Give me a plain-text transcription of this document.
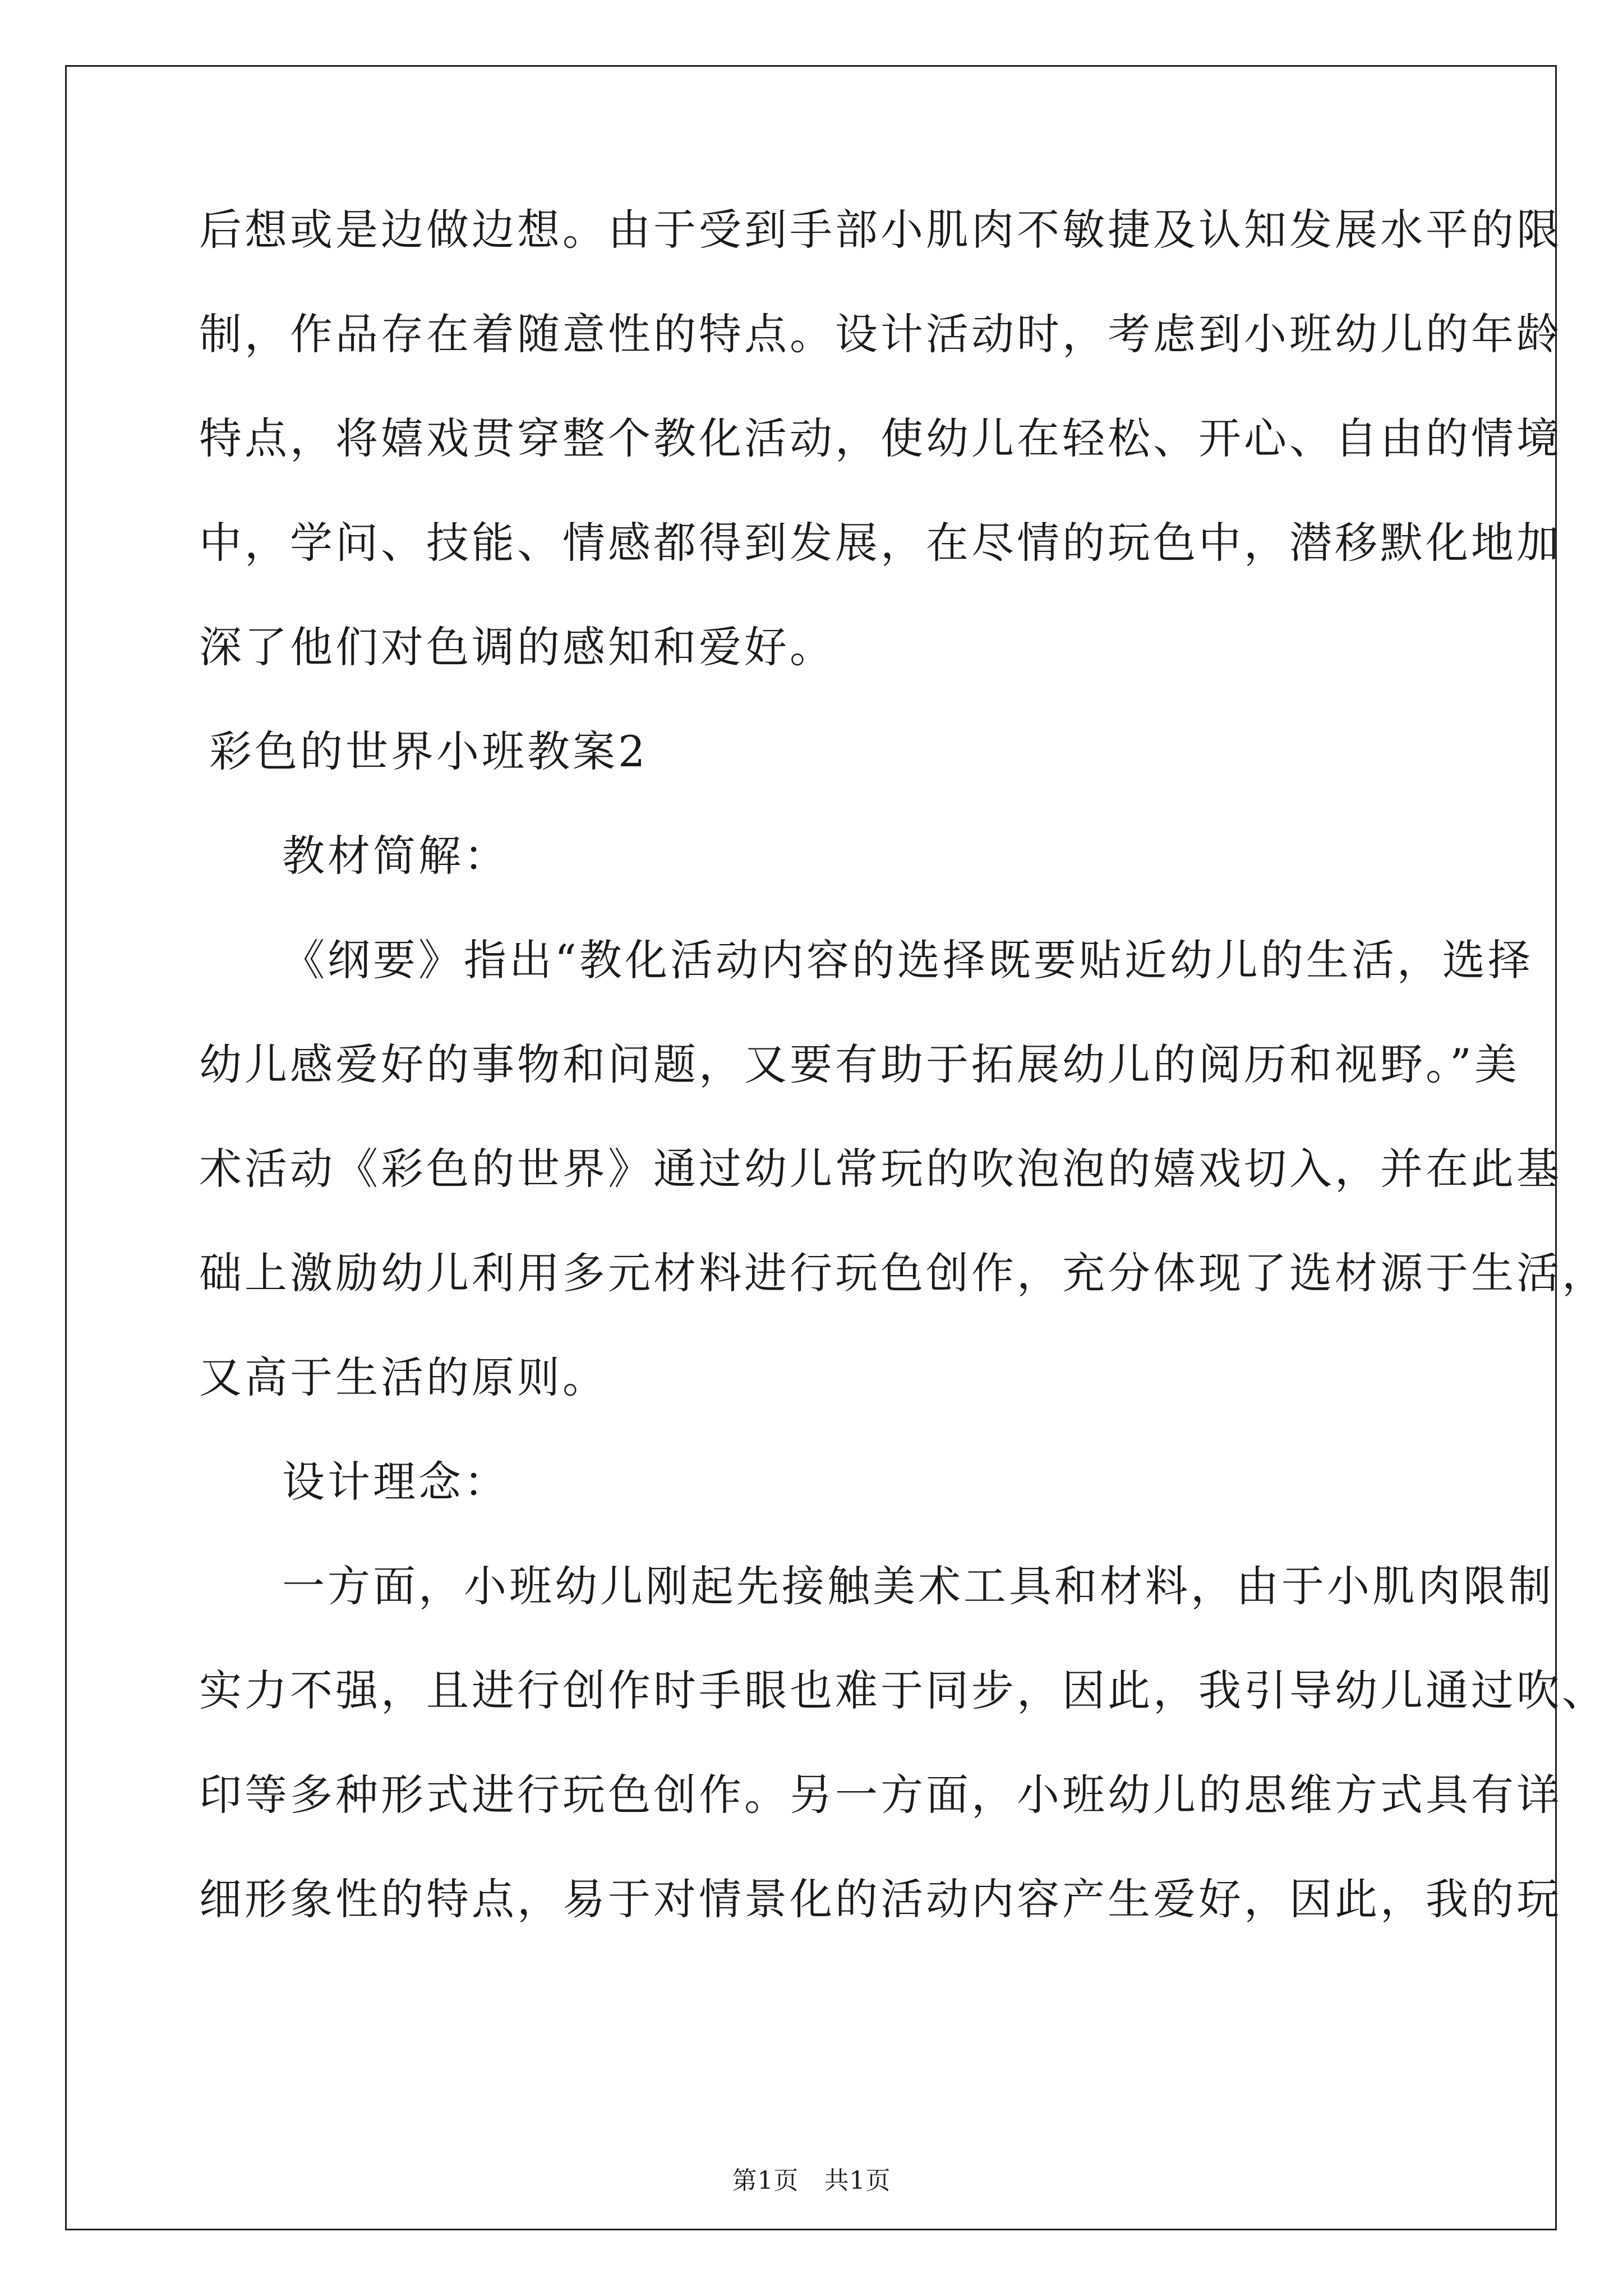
后想或是边做边想。由于受到手部小肌肉不敏捷及认知发展水平的限
制，作品存在着随意性的特点。设计活动时，考虑到小班幼儿的年龄
特点，将嬉戏贯穿整个教化活动，使幼儿在轻松、开心、自由的情境
中，学问、技能、情感都得到发展，在尽情的玩色中，潜移默化地加
深了他们对色调的感知和爱好。
彩色的世界小班教案2
教材简解：
《纲要》指出“教化活动内容的选择既要贴近幼儿的生活，选择
幼儿感爱好的事物和问题，又要有助于拓展幼儿的阅历和视野。”美
术活动《彩色的世界》通过幼儿常玩的吹泡泡的嬉戏切入，并在此基
础上激励幼儿利用多元材料进行玩色创作，充分体现了选材源于生活，
又高于生活的原则。
设计理念：
一方面，小班幼儿刚起先接触美术工具和材料，由于小肌肉限制
实力不强，且进行创作时手眼也难于同步，因此，我引导幼儿通过吹、
印等多种形式进行玩色创作。另一方面，小班幼儿的思维方式具有详
细形象性的特点，易于对情景化的活动内容产生爱好，因此，我的玩
第1页　共1页
